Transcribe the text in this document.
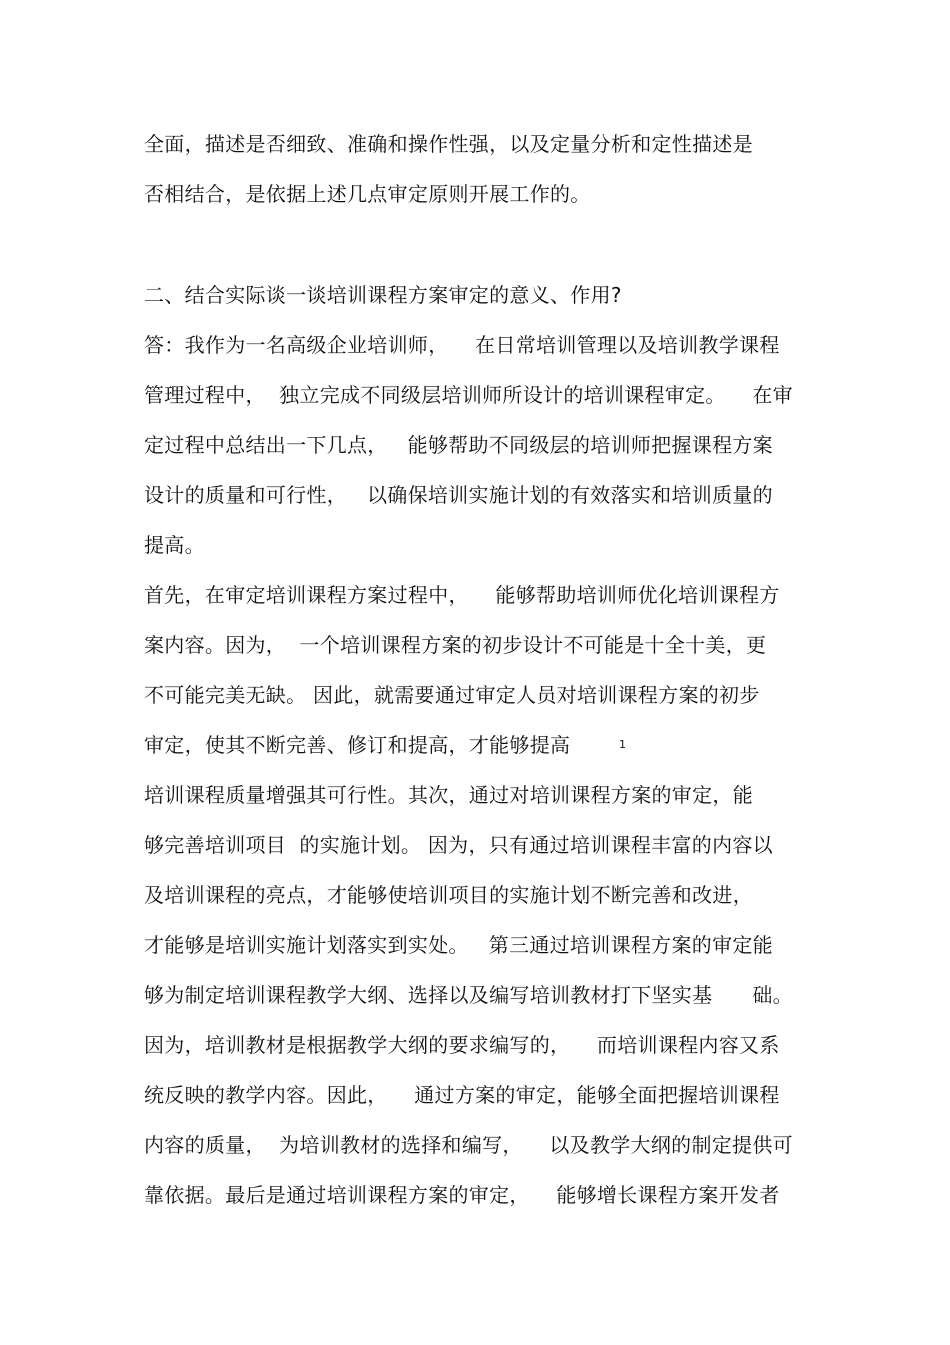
全面，描述是否细致、准确和操作性强，以及定量分析和定性描述是
否相结合，是依据上述几点审定原则开展工作的。
二、结合实际谈一谈培训课程方案审定的意义、作用?
答：我作为一名高级企业培训师，    在日常培训管理以及培训教学课程
管理过程中，  独立完成不同级层培训师所设计的培训课程审定。    在审
定过程中总结出一下几点，   能够帮助不同级层的培训师把握课程方案
设计的质量和可行性，   以确保培训实施计划的有效落实和培训质量的
提高。
首先，在审定培训课程方案过程中，    能够帮助培训师优化培训课程方
案内容。因为，  一个培训课程方案的初步设计不可能是十全十美，更
不可能完美无缺。 因此，就需要通过审定人员对培训课程方案的初步
审定，使其不断完善、修订和提高，才能够提高	1
培训课程质量增强其可行性。其次，通过对培训课程方案的审定，能
够完善培训项目  的实施计划。 因为，只有通过培训课程丰富的内容以
及培训课程的亮点，才能够使培训项目的实施计划不断完善和改进，
才能够是培训实施计划落实到实处。   第三通过培训课程方案的审定能
够为制定培训课程教学大纲、选择以及编写培训教材打下坚实基      础。
因为，培训教材是根据教学大纲的要求编写的，    而培训课程内容又系
统反映的教学内容。因此，    通过方案的审定，能够全面把握培训课程
内容的质量，  为培训教材的选择和编写，    以及教学大纲的制定提供可
靠依据。最后是通过培训课程方案的审定，    能够增长课程方案开发者
